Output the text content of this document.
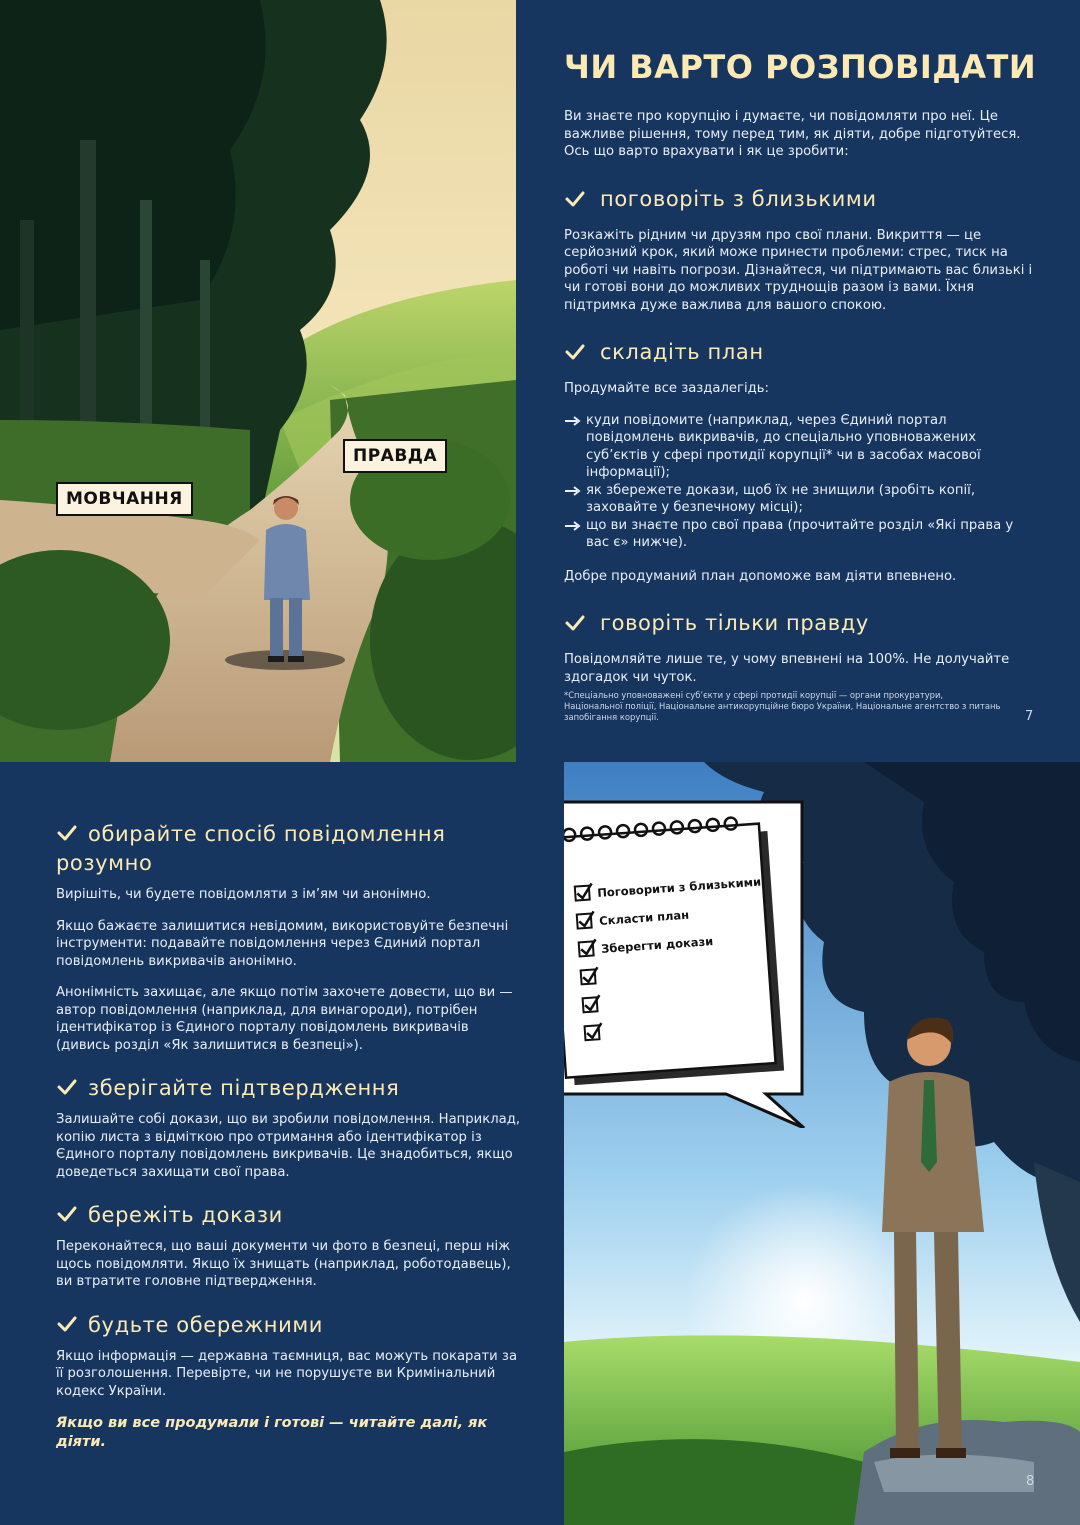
МОВЧАННЯ
ПРАВДА
ЧИ ВАРТО РОЗПОВІДАТИ

Ви знаєте про корупцію і думаєте, чи повідомляти про неї. Це важливе рішення, тому перед тим, як діяти, добре підготуйтеся. Ось що варто врахувати і як це зробити:

поговоріть з близькими

Розкажіть рідним чи друзям про свої плани. Викриття — це серйозний крок, який може принести проблеми: стрес, тиск на роботі чи навіть погрози. Дізнайтеся, чи підтримають вас близькі і чи готові вони до можливих труднощів разом із вами. Їхня підтримка дуже важлива для вашого спокою.

складіть план

Продумайте все заздалегідь:

куди повідомите (наприклад, через Єдиний портал повідомлень викривачів, до спеціально уповноважених суб’єктів у сфері протидії корупції* чи в засобах масової інформації);
як збережете докази, щоб їх не знищили (зробіть копії, заховайте у безпечному місці);
що ви знаєте про свої права (прочитайте розділ «Які права у вас є» нижче).

Добре продуманий план допоможе вам діяти впевнено.

говоріть тільки правду

Повідомляйте лише те, у чому впевнені на 100%. Не долучайте здогадок чи чуток.

*Спеціально уповноважені суб’єкти у сфері протидії корупції — органи прокуратури, Національної поліції, Національне антикорупційне бюро України, Національне агентство з питань запобігання корупції.	7
обирайте спосіб повідомлення розумно

Вирішіть, чи будете повідомляти з ім’ям чи анонімно.

Якщо бажаєте залишитися невідомим, використовуйте безпечні інструменти: подавайте повідомлення через Єдиний портал повідомлень викривачів анонімно.

Анонімність захищає, але якщо потім захочете довести, що ви — автор повідомлення (наприклад, для винагороди), потрібен ідентифікатор із Єдиного порталу повідомлень викривачів (дивись розділ «Як залишитися в безпеці»).

зберігайте підтвердження

Залишайте собі докази, що ви зробили повідомлення. Наприклад, копію листа з відміткою про отримання або ідентифікатор із Єдиного порталу повідомлень викривачів. Це знадобиться, якщо доведеться захищати свої права.

бережіть докази

Переконайтеся, що ваші документи чи фото в безпеці, перш ніж щось повідомляти. Якщо їх знищать (наприклад, роботодавець), ви втратите головне підтвердження.

будьте обережними

Якщо інформація — державна таємниця, вас можуть покарати за її розголошення. Перевірте, чи не порушуєте ви Кримінальний кодекс України.

Якщо ви все продумали і готові — читайте далі, як діяти.

Поговорити з близькими
Скласти план
Зберегти докази
8
